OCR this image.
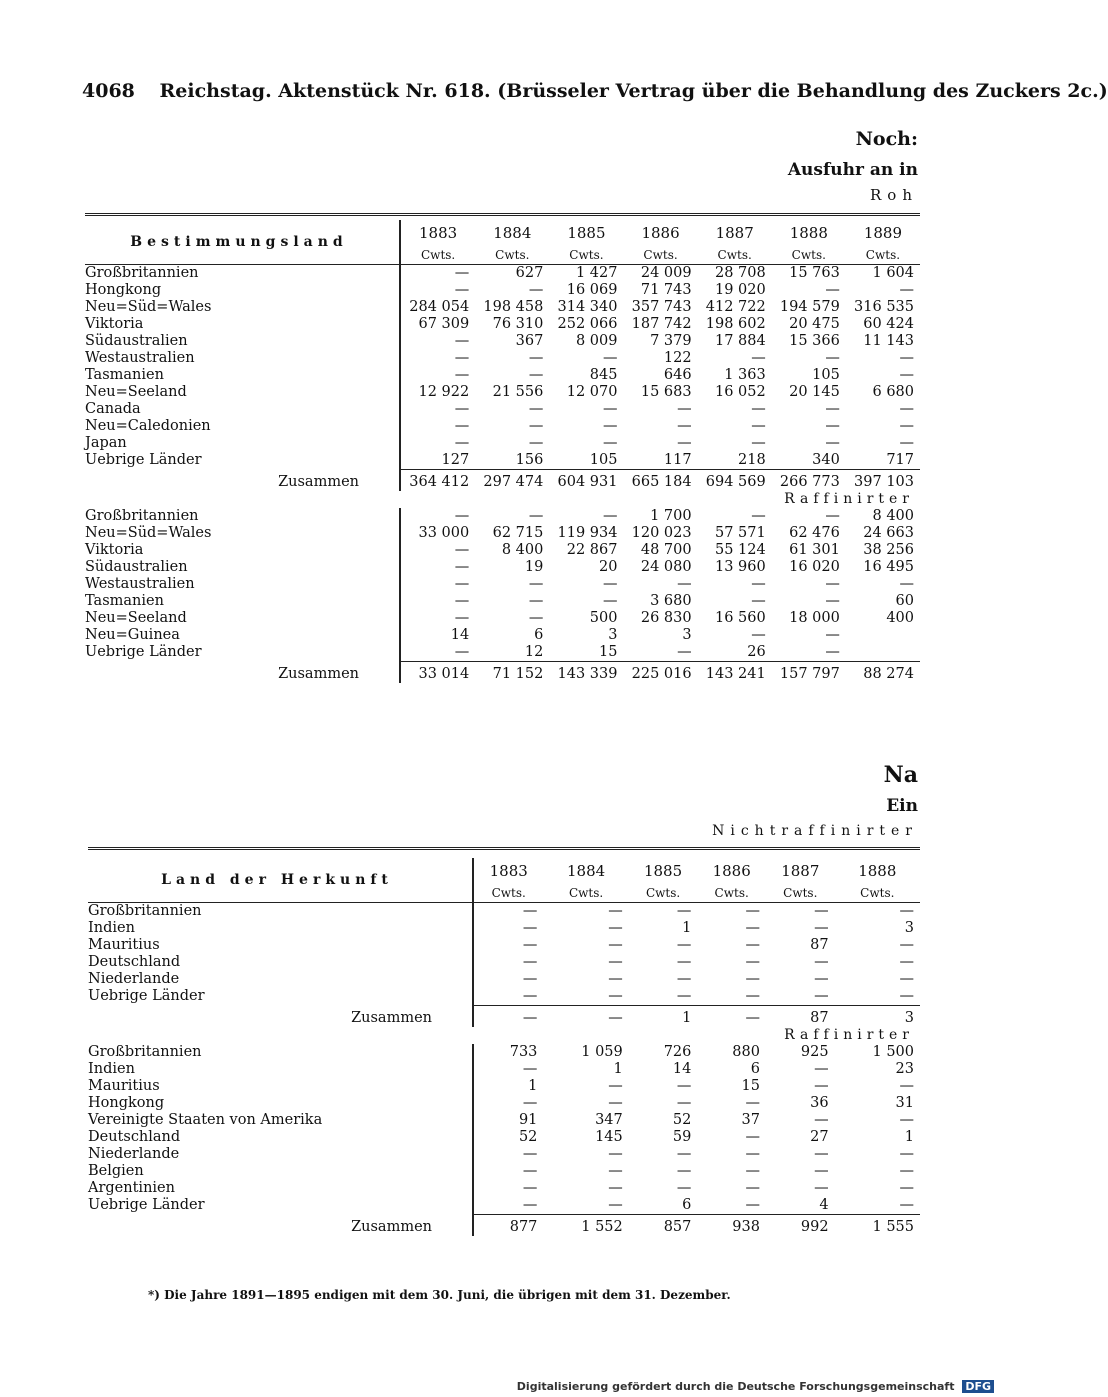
4068 Reichstag. Aktenstück Nr. 618. (Brüsseler Vertrag über die Behandlung des Zuckers 2c.)
Noch:
Ausfuhr an in
Roh
Bestimmungsland	1883	1884	1885	1886	1887	1888	1889
	Cwts.	Cwts.	Cwts.	Cwts.	Cwts.	Cwts.	Cwts.
Großbritannien	—	627	1 427	24 009	28 708	15 763	1 604
Hongkong	—	—	16 069	71 743	19 020	—	—
Neu=Süd=Wales	284 054	198 458	314 340	357 743	412 722	194 579	316 535
Viktoria	67 309	76 310	252 066	187 742	198 602	20 475	60 424
Südaustralien	—	367	8 009	7 379	17 884	15 366	11 143
Westaustralien	—	—	—	122	—	—	—
Tasmanien	—	—	845	646	1 363	105	—
Neu=Seeland	12 922	21 556	12 070	15 683	16 052	20 145	6 680
Canada	—	—	—	—	—	—	—
Neu=Caledonien	—	—	—	—	—	—	—
Japan	—	—	—	—	—	—	—
Uebrige Länder	127	156	105	117	218	340	717
Zusammen	364 412	297 474	604 931	665 184	694 569	266 773	397 103
	Raffinirter						
Großbritannien	—	—	—	1 700	—	—	8 400
Neu=Süd=Wales	33 000	62 715	119 934	120 023	57 571	62 476	24 663
Viktoria	—	8 400	22 867	48 700	55 124	61 301	38 256
Südaustralien	—	19	20	24 080	13 960	16 020	16 495
Westaustralien	—	—	—	—	—	—	—
Tasmanien	—	—	—	3 680	—	—	60
Neu=Seeland	—	—	500	26 830	16 560	18 000	400
Neu=Guinea	14	6	3	3	—	—	
Uebrige Länder	—	12	15	—	26	—	
Zusammen	33 014	71 152	143 339	225 016	143 241	157 797	88 274
Na
Ein
Nichtraffinirter
Land der Herkunft	1883	1884	1885	1886	1887	1888
	Cwts.	Cwts.	Cwts.	Cwts.	Cwts.	Cwts.
Großbritannien	—	—	—	—	—	—
Indien	—	—	1	—	—	3
Mauritius	—	—	—	—	87	—
Deutschland	—	—	—	—	—	—
Niederlande	—	—	—	—	—	—
Uebrige Länder	—	—	—	—	—	—
Zusammen	—	—	1	—	87	3
	Raffinirter					
Großbritannien	733	1 059	726	880	925	1 500
Indien	—	1	14	6	—	23
Mauritius	1	—	—	15	—	—
Hongkong	—	—	—	—	36	31
Vereinigte Staaten von Amerika	91	347	52	37	—	—
Deutschland	52	145	59	—	27	1
Niederlande	—	—	—	—	—	—
Belgien	—	—	—	—	—	—
Argentinien	—	—	—	—	—	—
Uebrige Länder	—	—	6	—	4	—
Zusammen	877	1 552	857	938	992	1 555
*) Die Jahre 1891—1895 endigen mit dem 30. Juni, die übrigen mit dem 31. Dezember.
Digitalisierung gefördert durch die Deutsche Forschungsgemeinschaft DFG
